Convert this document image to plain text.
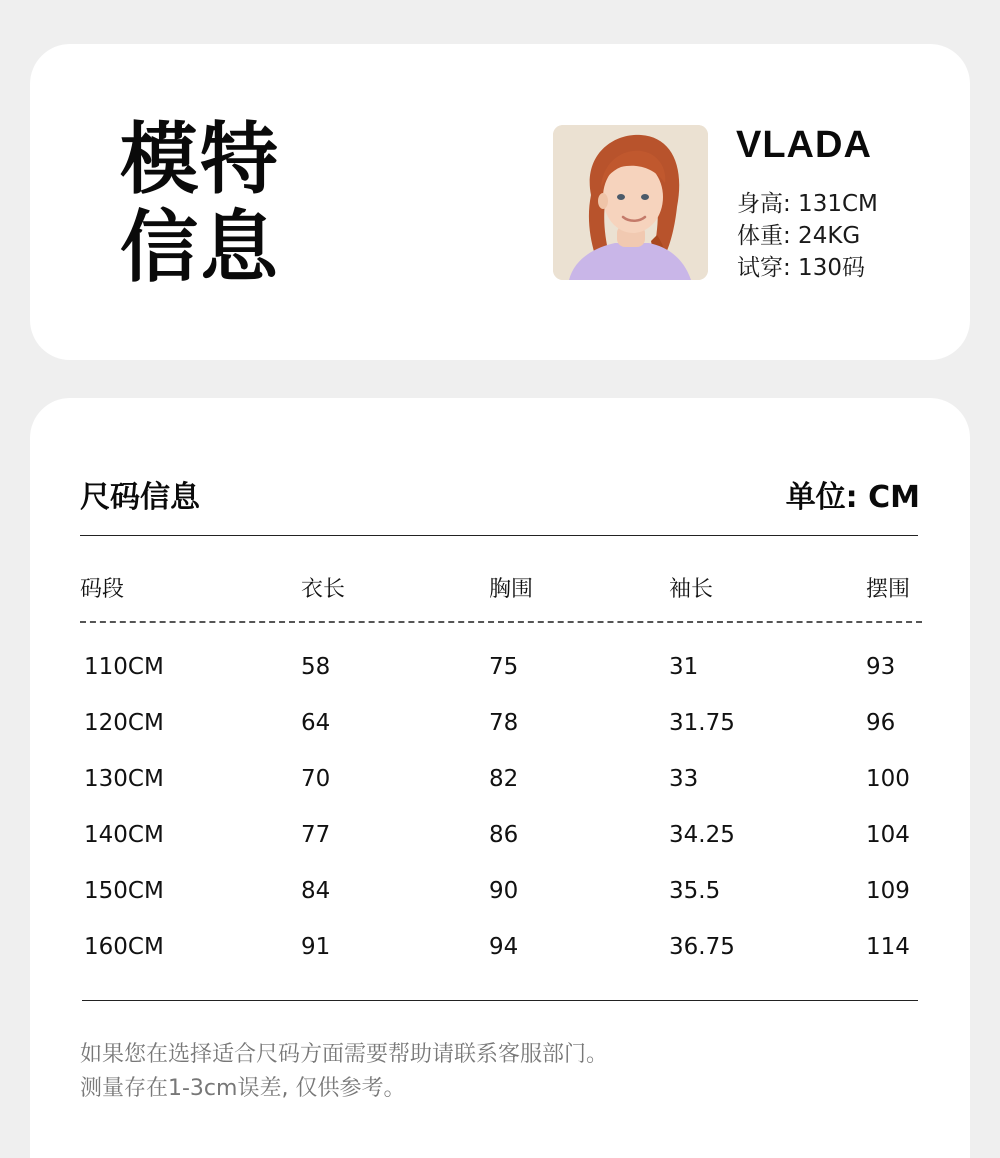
模特
信息
VLADA
身高: 131CM
体重: 24KG
试穿: 130码
尺码信息	单位: CM
码段	衣长	胸围	袖长	摆围
110CM	58	75	31	93
120CM	64	78	31.75	96
130CM	70	82	33	100
140CM	77	86	34.25	104
150CM	84	90	35.5	109
160CM	91	94	36.75	114
如果您在选择适合尺码方面需要帮助请联系客服部门。
测量存在1-3cm误差, 仅供参考。
